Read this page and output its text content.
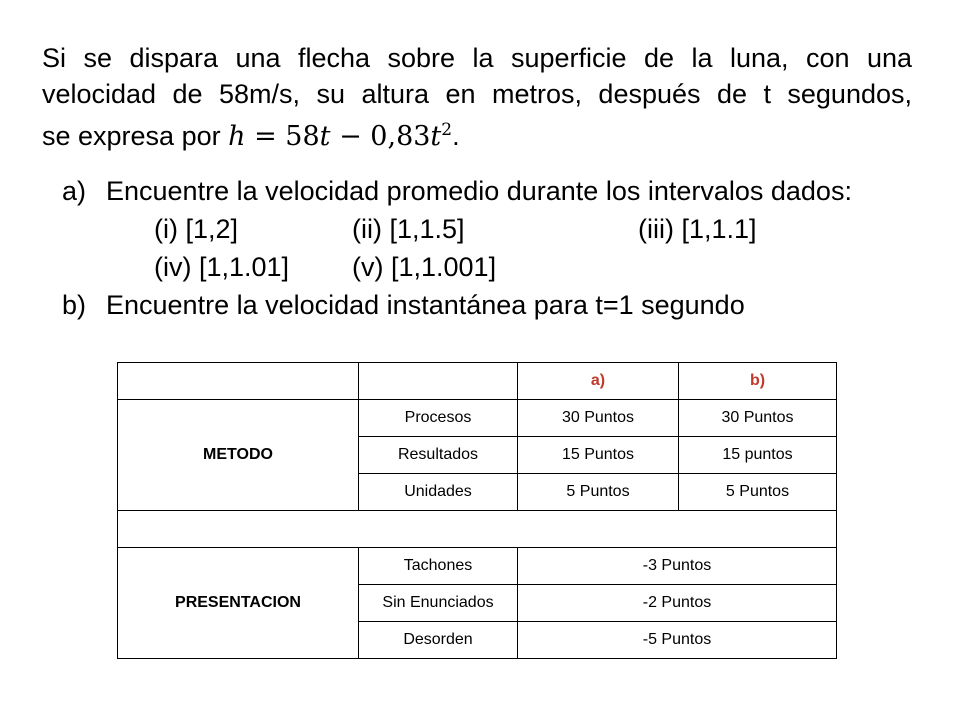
Si se dispara una flecha sobre la superficie de la luna, con una
velocidad de 58m/s, su altura en metros, después de t segundos,
se expresa por $h = 58t - 0,83t^2$.
a) Encuentre la velocidad promedio durante los intervalos dados:
(i) [1,2]	(ii) [1,1.5]	(iii) [1,1.1]
(iv) [1,1.01] (v) [1,1.001]
b) Encuentre la velocidad instantánea para t=1 segundo
		a)	b)
METODO	Procesos	30 Puntos	30 Puntos
	Resultados	15 Puntos	15 puntos
	Unidades	5 Puntos	5 Puntos

PRESENTACION	Tachones	-3 Puntos	
	Sin Enunciados	-2 Puntos	
	Desorden	-5 Puntos	
